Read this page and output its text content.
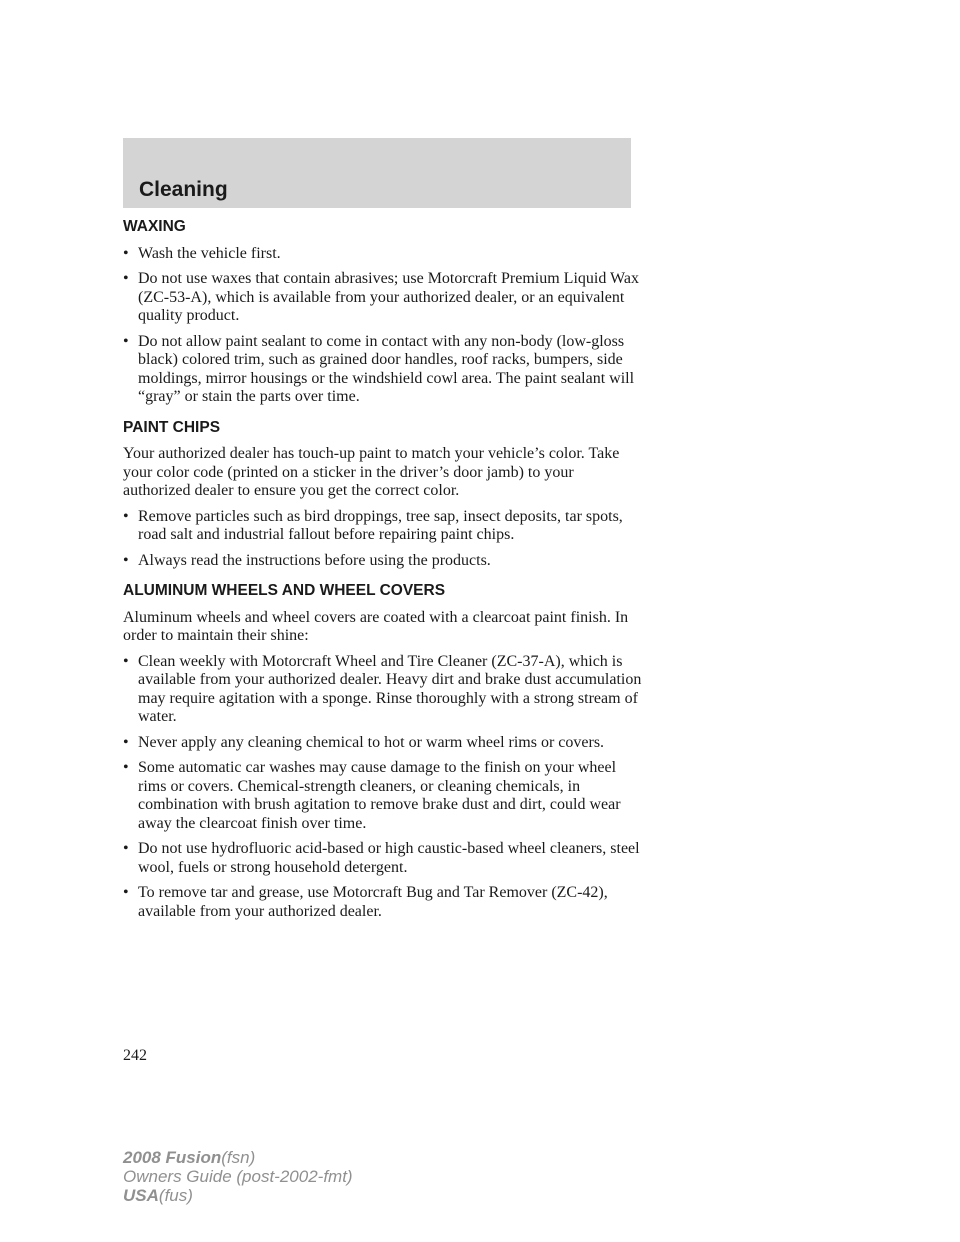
Cleaning
WAXING
• Wash the vehicle first.
• Do not use waxes that contain abrasives; use Motorcraft Premium Liquid Wax (ZC-53-A), which is available from your authorized dealer, or an equivalent quality product.
• Do not allow paint sealant to come in contact with any non-body (low-gloss black) colored trim, such as grained door handles, roof racks, bumpers, side moldings, mirror housings or the windshield cowl area. The paint sealant will “gray” or stain the parts over time.
PAINT CHIPS

Your authorized dealer has touch-up paint to match your vehicle’s color. Take your color code (printed on a sticker in the driver’s door jamb) to your authorized dealer to ensure you get the correct color.

• Remove particles such as bird droppings, tree sap, insect deposits, tar spots, road salt and industrial fallout before repairing paint chips.
• Always read the instructions before using the products.
ALUMINUM WHEELS AND WHEEL COVERS

Aluminum wheels and wheel covers are coated with a clearcoat paint finish. In order to maintain their shine:

• Clean weekly with Motorcraft Wheel and Tire Cleaner (ZC-37-A), which is available from your authorized dealer. Heavy dirt and brake dust accumulation may require agitation with a sponge. Rinse thoroughly with a strong stream of water.
• Never apply any cleaning chemical to hot or warm wheel rims or covers.
• Some automatic car washes may cause damage to the finish on your wheel rims or covers. Chemical-strength cleaners, or cleaning chemicals, in combination with brush agitation to remove brake dust and dirt, could wear away the clearcoat finish over time.
• Do not use hydrofluoric acid-based or high caustic-based wheel cleaners, steel wool, fuels or strong household detergent.
• To remove tar and grease, use Motorcraft Bug and Tar Remover (ZC-42), available from your authorized dealer.

242

2008 Fusion(fsn)
Owners Guide (post-2002-fmt)
USA(fus)
